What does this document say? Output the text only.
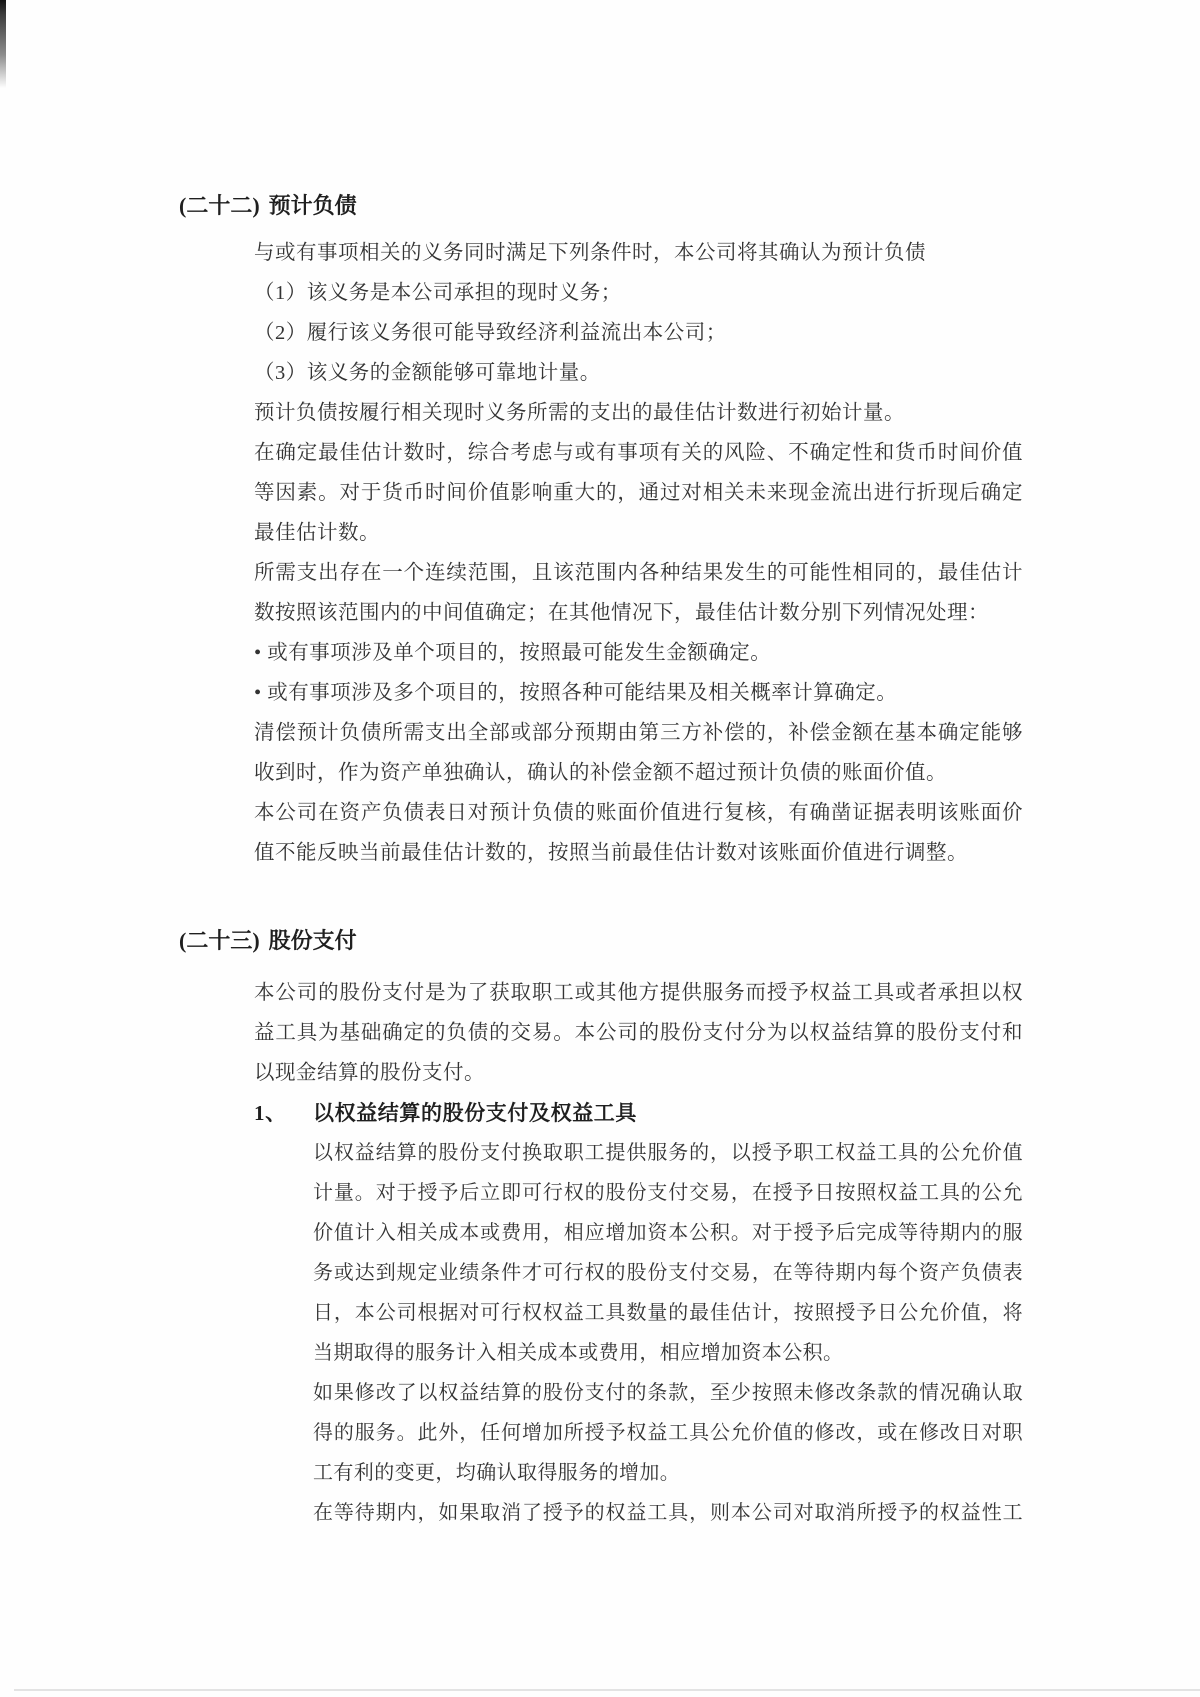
(二十二) 预计负债
与或有事项相关的义务同时满足下列条件时，本公司将其确认为预计负债
（1）该义务是本公司承担的现时义务；
（2）履行该义务很可能导致经济利益流出本公司；
（3）该义务的金额能够可靠地计量。
预计负债按履行相关现时义务所需的支出的最佳估计数进行初始计量。
在确定最佳估计数时，综合考虑与或有事项有关的风险、不确定性和货币时间价值
等因素。对于货币时间价值影响重大的，通过对相关未来现金流出进行折现后确定
最佳估计数。
所需支出存在一个连续范围，且该范围内各种结果发生的可能性相同的，最佳估计
数按照该范围内的中间值确定；在其他情况下，最佳估计数分别下列情况处理：
• 或有事项涉及单个项目的，按照最可能发生金额确定。
• 或有事项涉及多个项目的，按照各种可能结果及相关概率计算确定。
清偿预计负债所需支出全部或部分预期由第三方补偿的，补偿金额在基本确定能够
收到时，作为资产单独确认，确认的补偿金额不超过预计负债的账面价值。
本公司在资产负债表日对预计负债的账面价值进行复核，有确凿证据表明该账面价
值不能反映当前最佳估计数的，按照当前最佳估计数对该账面价值进行调整。
(二十三) 股份支付
本公司的股份支付是为了获取职工或其他方提供服务而授予权益工具或者承担以权
益工具为基础确定的负债的交易。本公司的股份支付分为以权益结算的股份支付和
以现金结算的股份支付。
1、 以权益结算的股份支付及权益工具
以权益结算的股份支付换取职工提供服务的，以授予职工权益工具的公允价值
计量。对于授予后立即可行权的股份支付交易，在授予日按照权益工具的公允
价值计入相关成本或费用，相应增加资本公积。对于授予后完成等待期内的服
务或达到规定业绩条件才可行权的股份支付交易，在等待期内每个资产负债表
日，本公司根据对可行权权益工具数量的最佳估计，按照授予日公允价值，将
当期取得的服务计入相关成本或费用，相应增加资本公积。
如果修改了以权益结算的股份支付的条款，至少按照未修改条款的情况确认取
得的服务。此外，任何增加所授予权益工具公允价值的修改，或在修改日对职
工有利的变更，均确认取得服务的增加。
在等待期内，如果取消了授予的权益工具，则本公司对取消所授予的权益性工
